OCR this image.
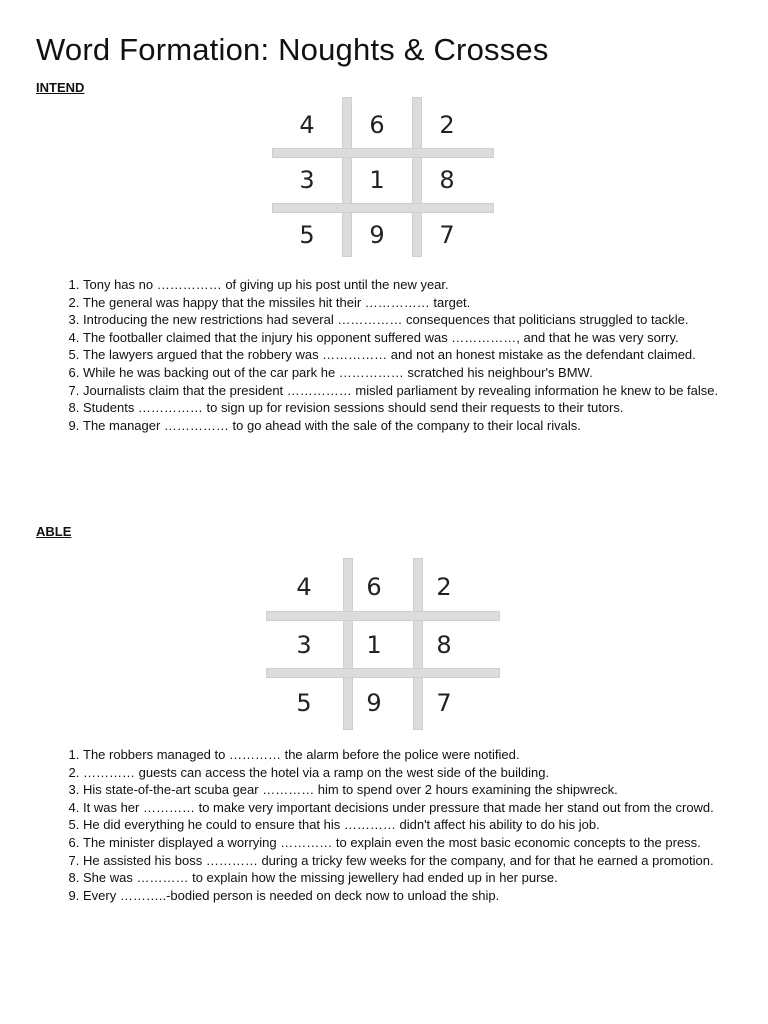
Word Formation: Noughts & Crosses
INTEND
4	6	2
3	1	8
5	9	7
1. Tony has no …………… of giving up his post until the new year.
2. The general was happy that the missiles hit their …………… target.
3. Introducing the new restrictions had several …………… consequences that politicians struggled to tackle.
4. The footballer claimed that the injury his opponent suffered was ……………, and that he was very sorry.
5. The lawyers argued that the robbery was …………… and not an honest mistake as the defendant claimed.
6. While he was backing out of the car park he …………… scratched his neighbour's BMW.
7. Journalists claim that the president …………… misled parliament by revealing information he knew to be false.
8. Students …………… to sign up for revision sessions should send their requests to their tutors.
9. The manager …………… to go ahead with the sale of the company to their local rivals.
ABLE
4	6	2
3	1	8
5	9	7
1. The robbers managed to ………… the alarm before the police were notified.
2. ………… guests can access the hotel via a ramp on the west side of the building.
3. His state-of-the-art scuba gear ………… him to spend over 2 hours examining the shipwreck.
4. It was her ………… to make very important decisions under pressure that made her stand out from the crowd.
5. He did everything he could to ensure that his ………… didn't affect his ability to do his job.
6. The minister displayed a worrying ………… to explain even the most basic economic concepts to the press.
7. He assisted his boss ………… during a tricky few weeks for the company, and for that he earned a promotion.
8. She was ………… to explain how the missing jewellery had ended up in her purse.
9. Every ………..-bodied person is needed on deck now to unload the ship.
